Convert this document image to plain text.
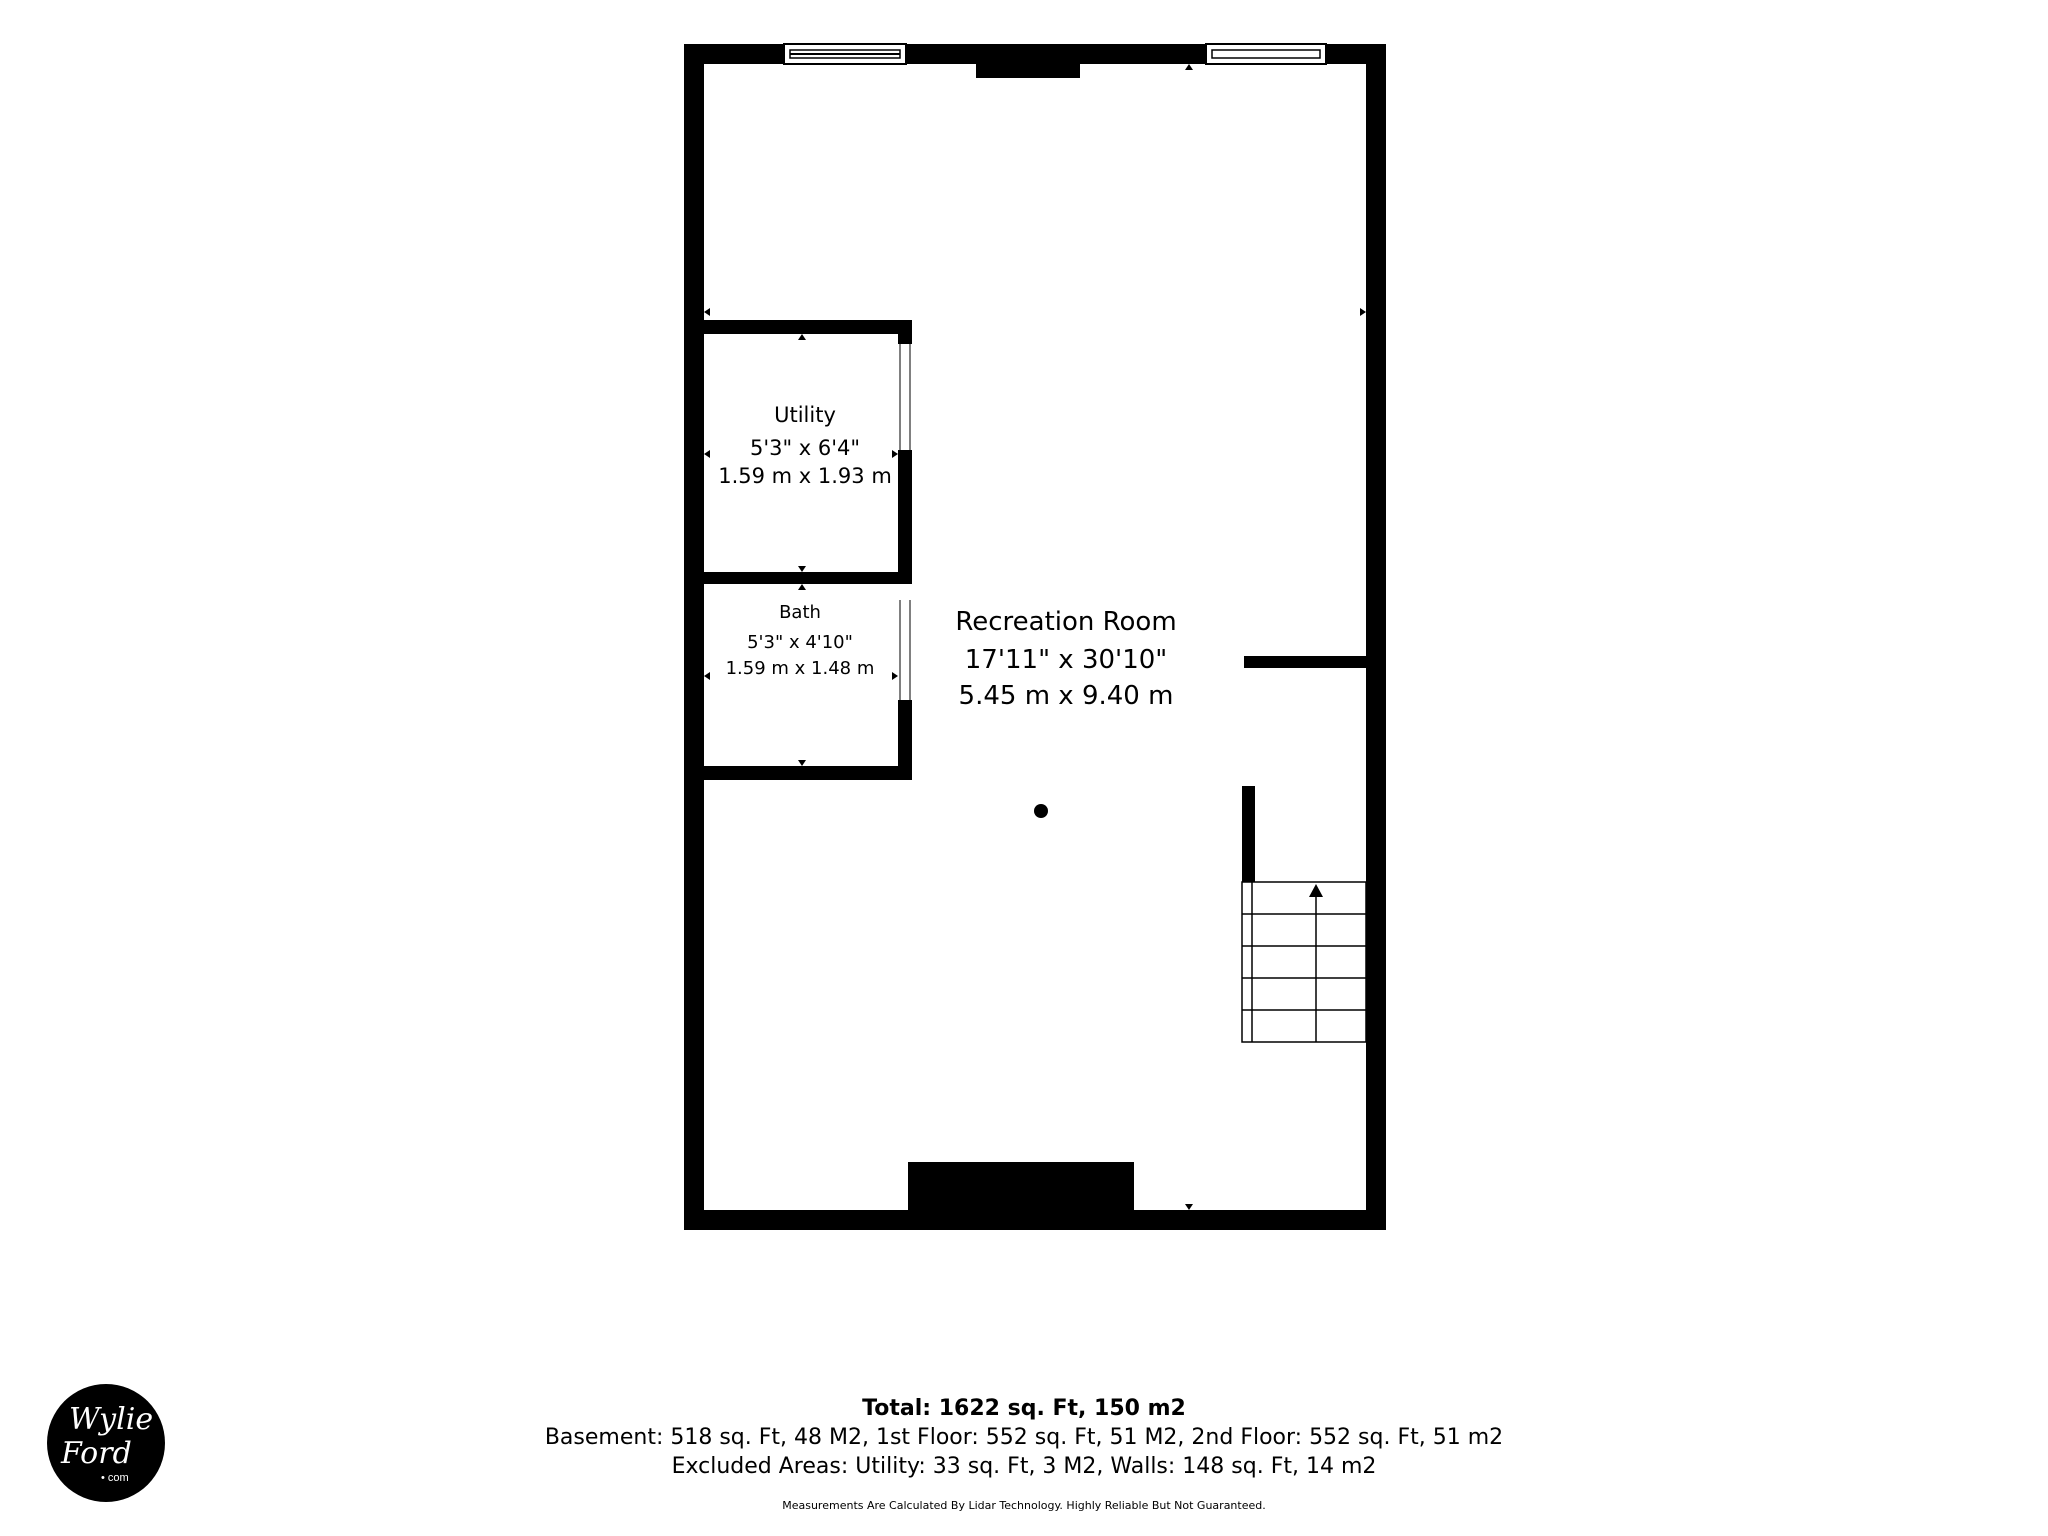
Recreation Room
17'11" x 30'10"
5.45 m x 9.40 m
Utility
5'3" x 6'4"
1.59 m x 1.93 m
Bath
5'3" x 4'10"
1.59 m x 1.48 m
Wylie
Ford
• com
Total: 1622 sq. Ft, 150 m2
Basement: 518 sq. Ft, 48 M2, 1st Floor: 552 sq. Ft, 51 M2, 2nd Floor: 552 sq. Ft, 51 m2
Excluded Areas: Utility: 33 sq. Ft, 3 M2, Walls: 148 sq. Ft, 14 m2
Measurements Are Calculated By Lidar Technology. Highly Reliable But Not Guaranteed.
